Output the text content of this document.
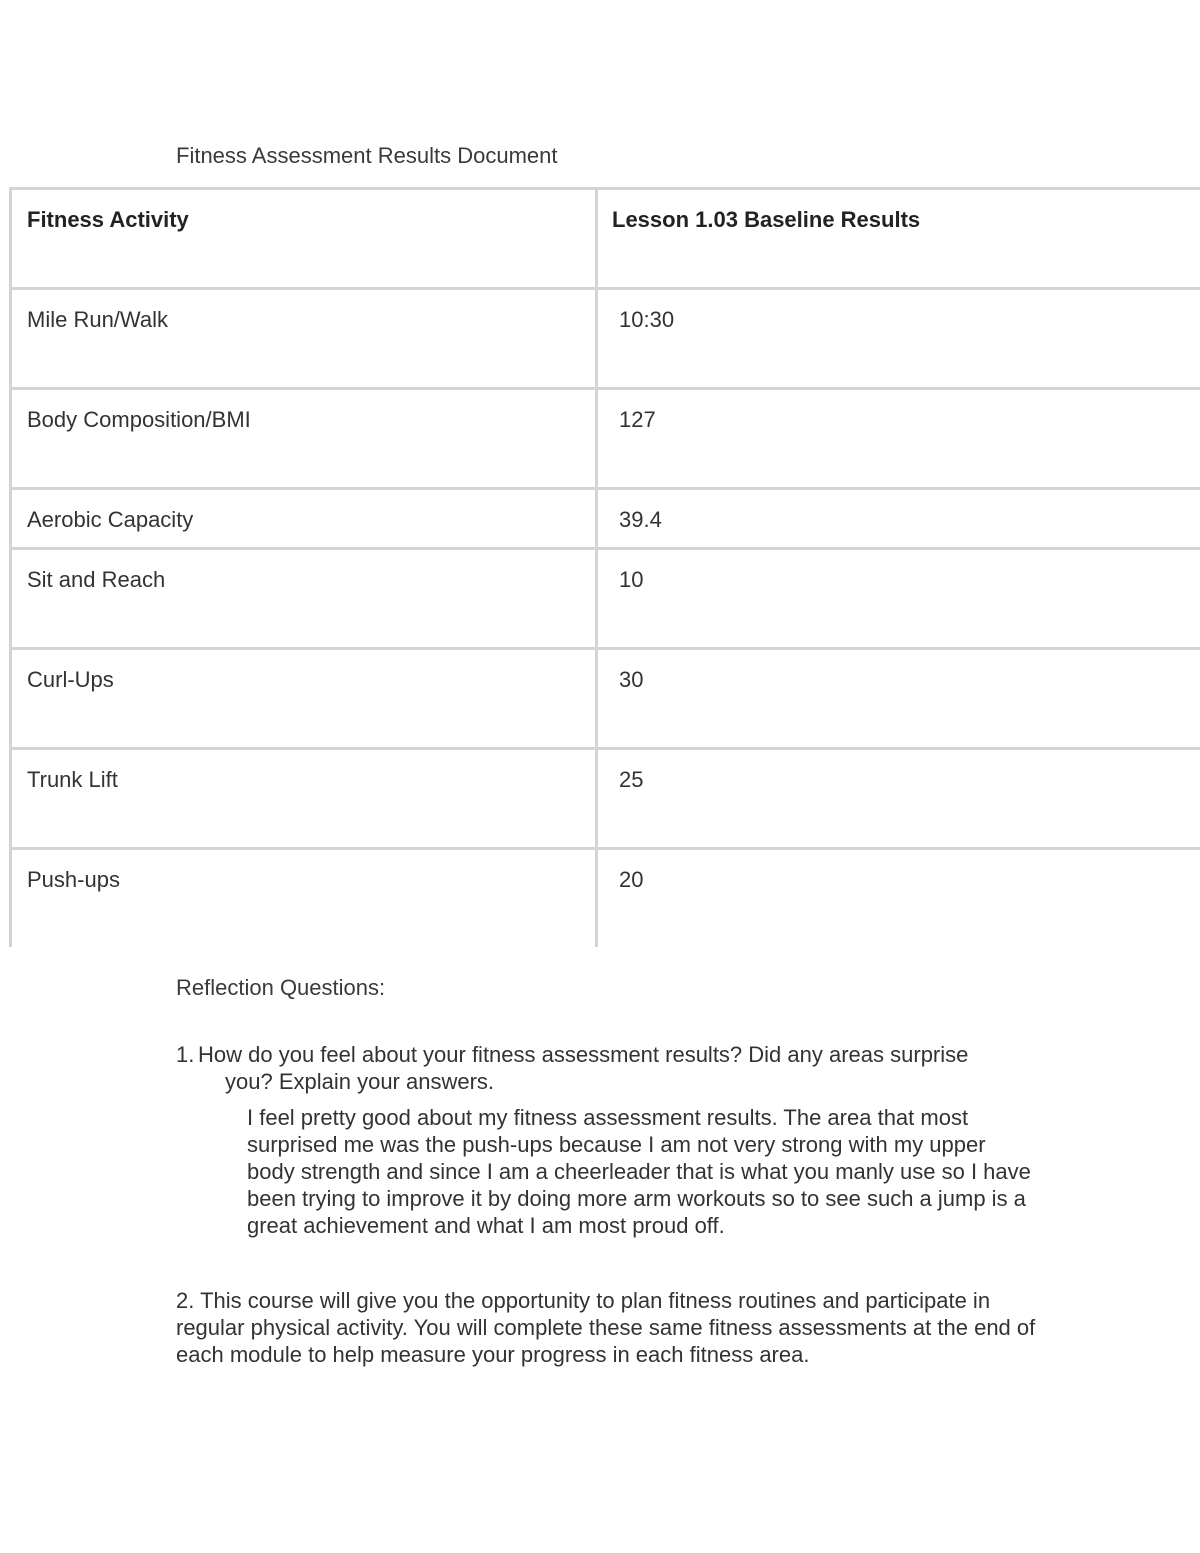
Fitness Assessment Results Document
Fitness Activity	Lesson 1.03 Baseline Results

Mile Run/Walk	10:30

Body Composition/BMI	127

Aerobic Capacity	39.4

Sit and Reach	10

Curl-Ups	30

Trunk Lift	25

Push-ups	20
Reflection Questions:
1. How do you feel about your fitness assessment results? Did any areas surprise
you? Explain your answers.
I feel pretty good about my fitness assessment results. The area that most surprised me was the push-ups because I am not very strong with my upper body strength and since I am a cheerleader that is what you manly use so I have been trying to improve it by doing more arm workouts so to see such a jump is a great achievement and what I am most proud off.
2. This course will give you the opportunity to plan fitness routines and participate in regular physical activity. You will complete these same fitness assessments at the end of each module to help measure your progress in each fitness area.
